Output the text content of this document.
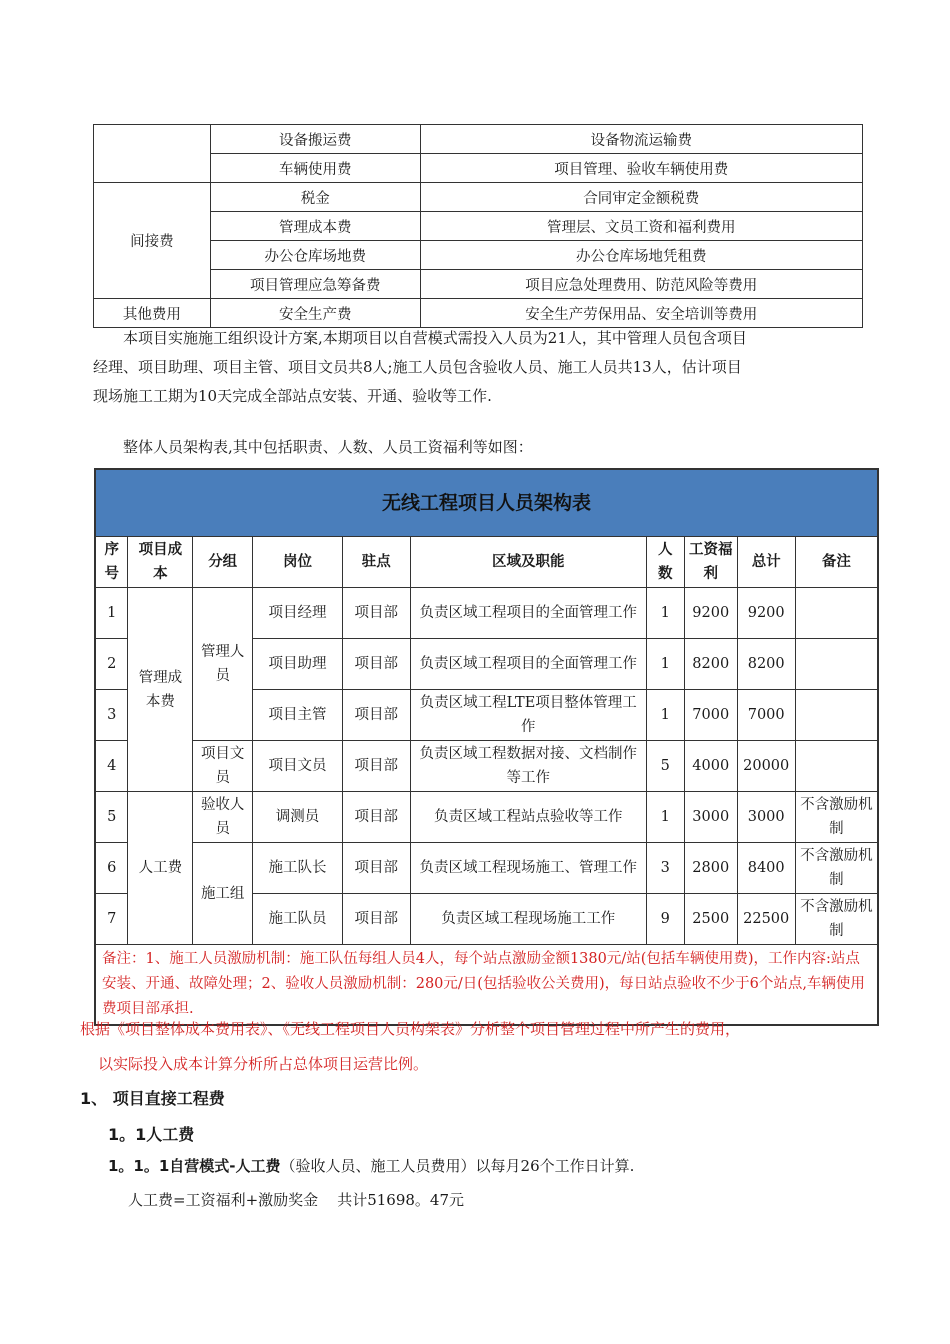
	设备搬运费	设备物流运输费
	车辆使用费	项目管理、验收车辆使用费
间接费	税金	合同审定金额税费
	管理成本费	管理层、文员工资和福利费用
	办公仓库场地费	办公仓库场地凭租费
	项目管理应急筹备费	项目应急处理费用、防范风险等费用
其他费用	安全生产费	安全生产劳保用品、安全培训等费用

本项目实施施工组织设计方案,本期项目以自营模式需投入人员为21人，其中管理人员包含项目

经理、项目助理、项目主管、项目文员共8人;施工人员包含验收人员、施工人员共13人，估计项目

现场施工工期为10天完成全部站点安装、开通、验收等工作.

整体人员架构表,其中包括职责、人数、人员工资福利等如图：
无线工程项目人员架构表									
序号	项目成本	分组	岗位	驻点	区域及职能	人数	工资福利	总计	备注
1	管理成本费	管理人员	项目经理	项目部	负责区域工程项目的全面管理工作	1	9200	9200	
2			项目助理	项目部	负责区域工程项目的全面管理工作	1	8200	8200	
3			项目主管	项目部	负责区域工程LTE项目整体管理工作	1	7000	7000	
4		项目文员	项目文员	项目部	负责区域工程数据对接、文档制作等工作	5	4000	20000	
5	人工费	验收人员	调测员	项目部	负责区域工程站点验收等工作	1	3000	3000	不含激励机制
6		施工组	施工队长	项目部	负责区域工程现场施工、管理工作	3	2800	8400	不含激励机制
7			施工队员	项目部	负责区域工程现场施工工作	9	2500	22500	不含激励机制
备注：1、施工人员激励机制：施工队伍每组人员4人，每个站点激励金额1380元/站(包括车辆使用费)，工作内容:站点安装、开通、故障处理；2、验收人员激励机制：280元/日(包括验收公关费用)，每日站点验收不少于6个站点,车辆使用费项目部承担.									
根据《项目整体成本费用表》、《无线工程项目人员构架表》分析整个项目管理过程中所产生的费用，
以实际投入成本计算分析所占总体项目运营比例。
1、 项目直接工程费
1。1人工费
1。1。1自营模式-人工费（验收人员、施工人员费用）以每月26个工作日计算.
人工费=工资福利+激励奖金    共计51698。47元
